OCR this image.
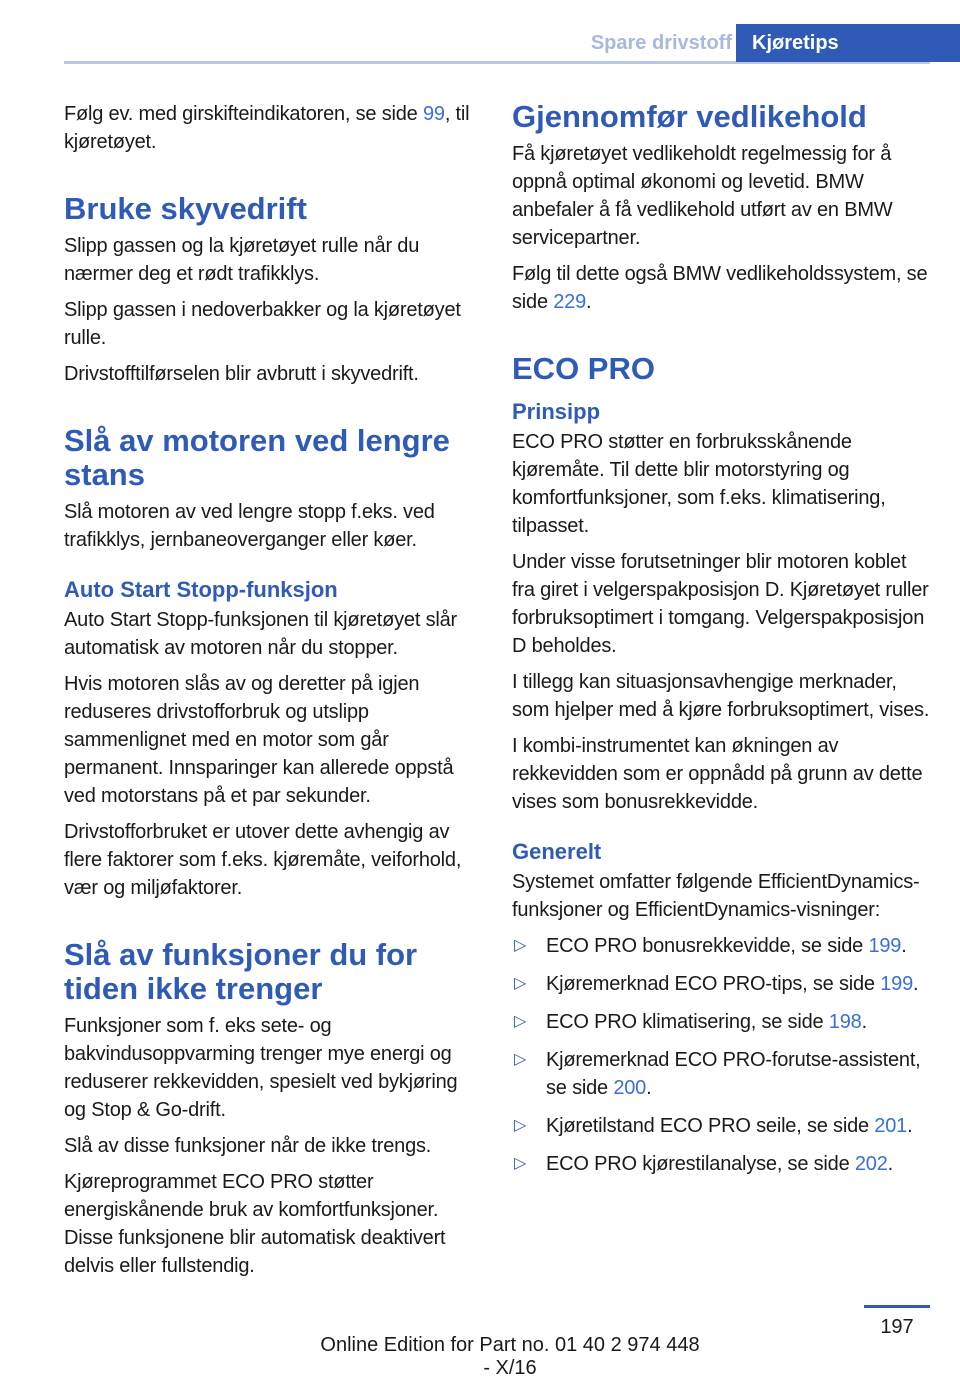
Spare drivstoff	Kjøretips

Følg ev. med girskifteindikatoren, se side 99, til kjøretøyet.

Bruke skyvedrift

Slipp gassen og la kjøretøyet rulle når du nærmer deg et rødt trafikklys.

Slipp gassen i nedoverbakker og la kjøretøyet rulle.

Drivstofftilførselen blir avbrutt i skyvedrift.

Slå av motoren ved lengre stans

Slå motoren av ved lengre stopp f.eks. ved trafikklys, jernbaneoverganger eller køer.

Auto Start Stopp-funksjon

Auto Start Stopp-funksjonen til kjøretøyet slår automatisk av motoren når du stopper.

Hvis motoren slås av og deretter på igjen reduseres drivstofforbruk og utslipp sammenlignet med en motor som går permanent. Innsparinger kan allerede oppstå ved motorstans på et par sekunder.

Drivstofforbruket er utover dette avhengig av flere faktorer som f.eks. kjøremåte, veiforhold, vær og miljøfaktorer.

Slå av funksjoner du for tiden ikke trenger

Funksjoner som f. eks sete- og bakvindusoppvarming trenger mye energi og reduserer rekkevidden, spesielt ved bykjøring og Stop & Go-drift.

Slå av disse funksjoner når de ikke trengs.

Kjøreprogrammet ECO PRO støtter energiskånende bruk av komfortfunksjoner. Disse funksjonene blir automatisk deaktivert delvis eller fullstendig.

Gjennomfør vedlikehold

Få kjøretøyet vedlikeholdt regelmessig for å oppnå optimal økonomi og levetid. BMW anbefaler å få vedlikehold utført av en BMW servicepartner.

Følg til dette også BMW vedlikeholdssystem, se side 229.

ECO PRO
Prinsipp

ECO PRO støtter en forbruksskånende kjøremåte. Til dette blir motorstyring og komfortfunksjoner, som f.eks. klimatisering, tilpasset.

Under visse forutsetninger blir motoren koblet fra giret i velgerspakposisjon D. Kjøretøyet ruller forbruksoptimert i tomgang. Velgerspakposisjon D beholdes.

I tillegg kan situasjonsavhengige merknader, som hjelper med å kjøre forbruksoptimert, vises.

I kombi-instrumentet kan økningen av rekkevidden som er oppnådd på grunn av dette vises som bonusrekkevidde.

Generelt

Systemet omfatter følgende EfficientDynamics-funksjoner og EfficientDynamics-visninger:

▷ ECO PRO bonusrekkevidde, se side 199.
▷ Kjøremerknad ECO PRO-tips, se side 199.
▷ ECO PRO klimatisering, se side 198.
▷ Kjøremerknad ECO PRO-forutse-assistent, se side 200.
▷ Kjøretilstand ECO PRO seile, se side 201.
▷ ECO PRO kjørestilanalyse, se side 202.
197
Online Edition for Part no. 01 40 2 974 448 - X/16
